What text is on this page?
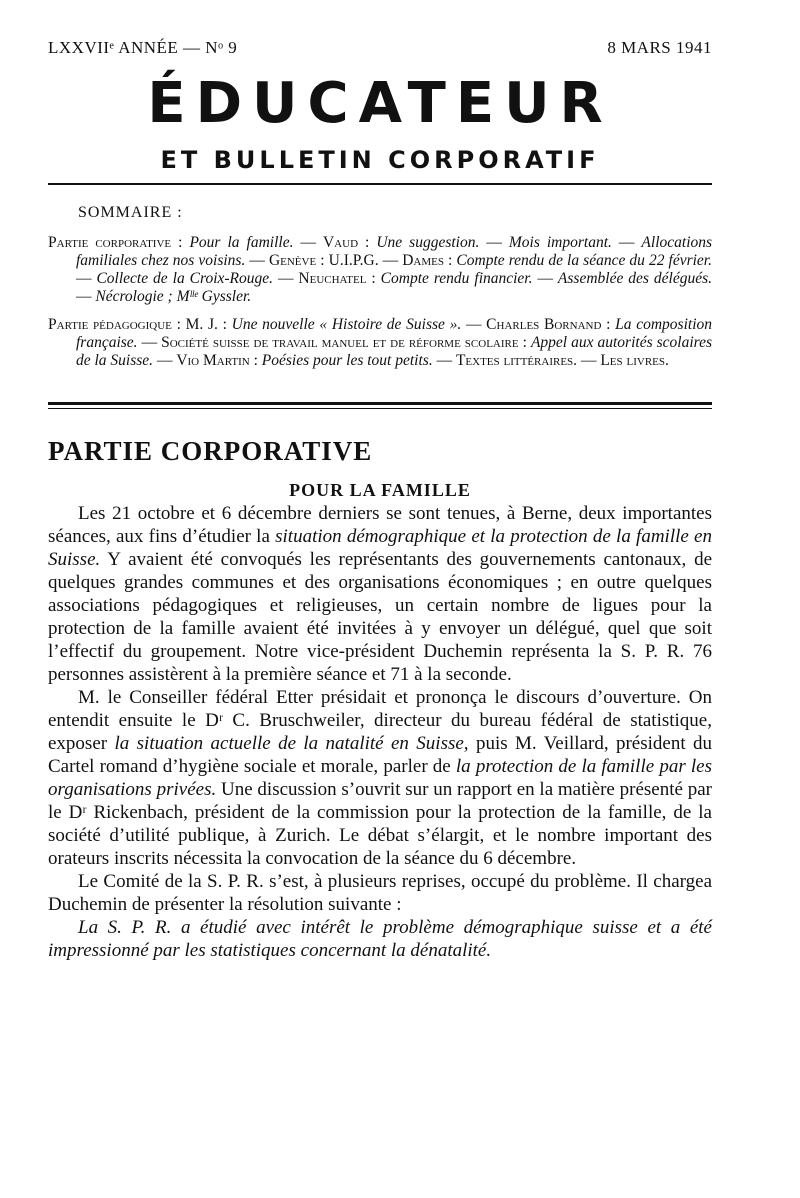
LXXVIIᵉ ANNÉE — Nᵒ 9	8 MARS 1941
ÉDUCATEUR
ET BULLETIN CORPORATIF
SOMMAIRE :

Partie corporative : Pour la famille. — Vaud : Une suggestion. — Mois important. — Allocations familiales chez nos voisins. — Genève : U.I.P.G. — Dames : Compte rendu de la séance du 22 février. — Collecte de la Croix-Rouge. — Neuchatel : Compte rendu financier. — Assemblée des délégués. — Nécrologie ; Mˡˡᵉ Gyssler.

Partie pédagogique : M. J. : Une nouvelle « Histoire de Suisse ». — Charles Bornand : La composition française. — Société suisse de travail manuel et de réforme scolaire : Appel aux autorités scolaires de la Suisse. — Vio Martin : Poésies pour les tout petits. — Textes littéraires. — Les livres.

PARTIE CORPORATIVE
POUR LA FAMILLE

Les 21 octobre et 6 décembre derniers se sont tenues, à Berne, deux importantes séances, aux fins d’étudier la situation démographique et la protection de la famille en Suisse. Y avaient été convoqués les représentants des gouvernements cantonaux, de quelques grandes communes et des organisations économiques ; en outre quelques associations pédagogiques et religieuses, un certain nombre de ligues pour la protection de la famille avaient été invitées à y envoyer un délégué, quel que soit l’effectif du groupement. Notre vice-président Duchemin représenta la S. P. R. 76 personnes assistèrent à la première séance et 71 à la seconde.

M. le Conseiller fédéral Etter présidait et prononça le discours d’ouverture. On entendit ensuite le Dʳ C. Bruschweiler, directeur du bureau fédéral de statistique, exposer la situation actuelle de la natalité en Suisse, puis M. Veillard, président du Cartel romand d’hygiène sociale et morale, parler de la protection de la famille par les organisations privées. Une discussion s’ouvrit sur un rapport en la matière présenté par le Dʳ Rickenbach, président de la commission pour la protection de la famille, de la société d’utilité publique, à Zurich. Le débat s’élargit, et le nombre important des orateurs inscrits nécessita la convocation de la séance du 6 décembre.

Le Comité de la S. P. R. s’est, à plusieurs reprises, occupé du problème. Il chargea Duchemin de présenter la résolution suivante :

La S. P. R. a étudié avec intérêt le problème démographique suisse et a été impressionné par les statistiques concernant la dénatalité.
